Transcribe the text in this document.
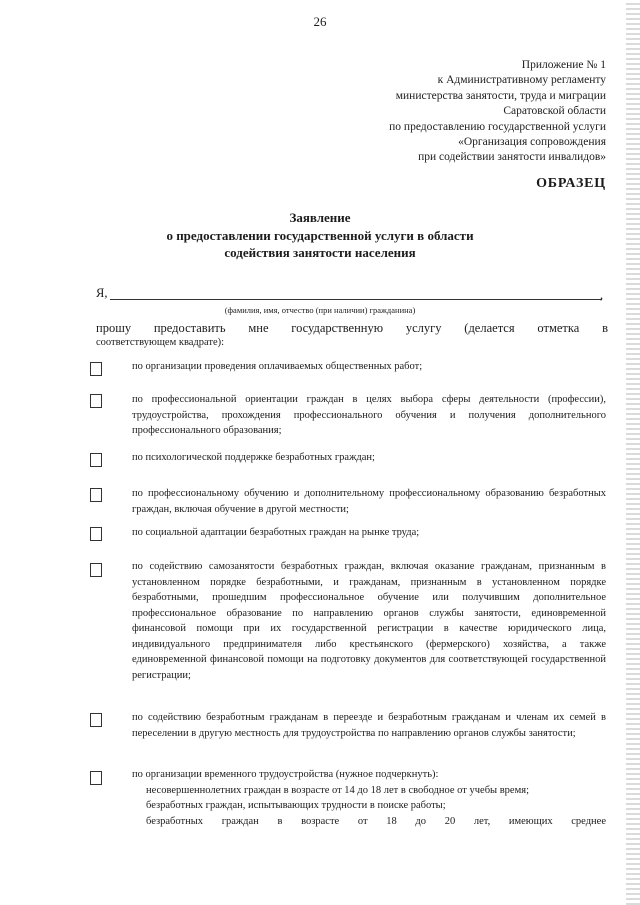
26
Приложение № 1
к Административному регламенту
министерства занятости, труда и миграции
Саратовской области
по предоставлению государственной услуги
«Организация сопровождения
при содействии занятости инвалидов»
ОБРАЗЕЦ
Заявление
о предоставлении государственной услуги в области
содействия занятости населения
Я,	,
(фамилия, имя, отчество (при наличии) гражданина)
прошу предоставить мне государственную услугу (делается отметка в
соответствующем квадрате):
по организации проведения оплачиваемых общественных работ;
по профессиональной ориентации граждан в целях выбора сферы деятельности (профессии), трудоустройства, прохождения профессионального обучения и получения дополнительного профессионального образования;
по психологической поддержке безработных граждан;
по профессиональному обучению и дополнительному профессиональному образованию безработных граждан, включая обучение в другой местности;
по социальной адаптации безработных граждан на рынке труда;
по содействию самозанятости безработных граждан, включая оказание гражданам, признанным в установленном порядке безработными, и гражданам, признанным в установленном порядке безработными, прошедшим профессиональное обучение или получившим дополнительное профессиональное образование по направлению органов службы занятости, единовременной финансовой помощи при их государственной регистрации в качестве юридического лица, индивидуального предпринимателя либо крестьянского (фермерского) хозяйства, а также единовременной финансовой помощи на подготовку документов для соответствующей государственной регистрации;
по содействию безработным гражданам в переезде и безработным гражданам и членам их семей в переселении в другую местность для трудоустройства по направлению органов службы занятости;
по организации временного трудоустройства (нужное подчеркнуть):
несовершеннолетних граждан в возрасте от 14 до 18 лет в свободное от учебы время;
безработных граждан, испытывающих трудности в поиске работы;
безработных граждан в возрасте от 18 до 20 лет, имеющих среднее
